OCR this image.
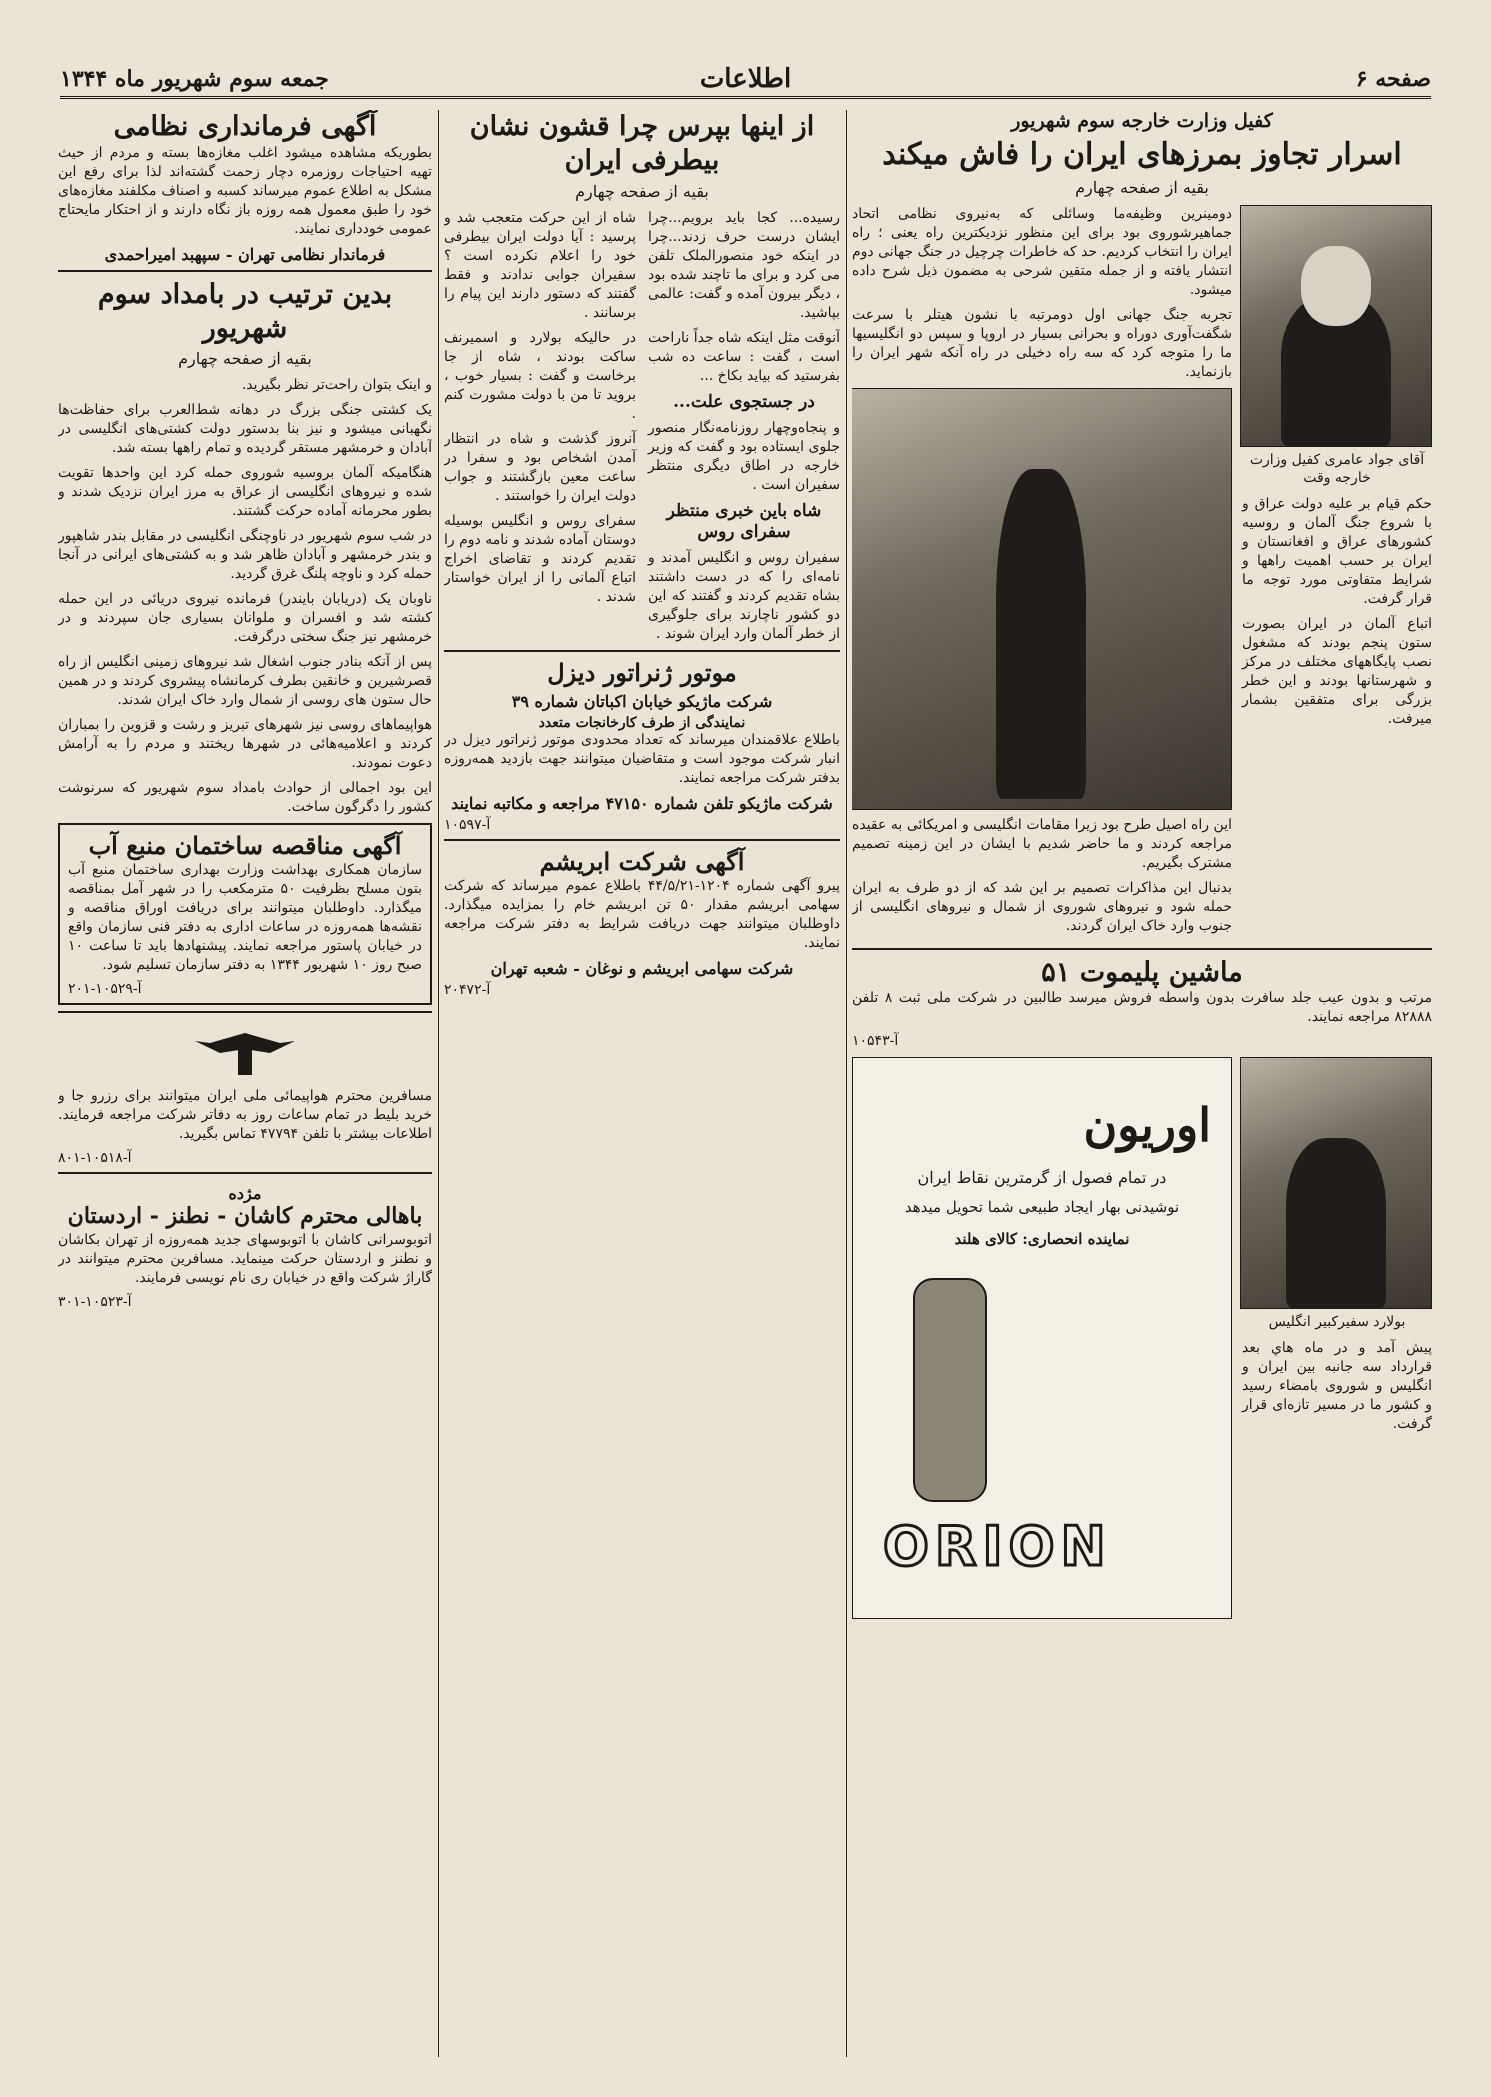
صفحه ۶
اطلاعات
جمعه سوم شهریور ماه ۱۳۴۴
کفیل وزارت خارجه سوم شهریور
اسرار تجاوز بمرزهای ایران را فاش میکند
بقیه از صفحه چهارم
آقای جواد عامری کفیل وزارت خارجه وقت

حکم قیام بر علیه دولت عراق و با شروع جنگ آلمان و روسیه کشورهای عراق و افغانستان و ایران بر حسب اهمیت راهها و شرایط متفاوتی مورد توجه ما قرار گرفت.

اتباع آلمان در ایران بصورت ستون پنجم بودند که مشغول نصب پایگاههای مختلف در مرکز و شهرستانها بودند و این خطر بزرگی برای متفقین بشمار میرفت.

دومینرین وظیفه‌ما وسائلی که به‌نیروی نظامی اتحاد جماهیرشوروی بود برای این منظور نزدیکترین راه یعنی ؛ راه ایران را انتخاب کردیم. حد که خاطرات چرچیل‌ در جنگ جهانی دوم انتشار یافته و از جمله متقین شرحی به مضمون ذیل شرح داده میشود.

تجربه جنگ جهانی اول دومرتبه با نشون هیتلر با سرعت شگفت‌آوری دوراه و بحرانی بسیار در اروپا و سپس دو انگلیسیها ما را متوجه کرد که سه راه دخیلی در راه آنکه شهر ایران را بازنماید.

این راه اصیل طرح بود زیرا مقامات انگلیسی و امریکائی به عقیده مراجعه کردند و ما حاضر شدیم با ایشان در این زمینه تصمیم مشترک بگیریم.

بدنبال این مذاکرات تصمیم بر این شد که از دو طرف به ایران حمله شود و نیروهای شوروی از شمال و نیروهای انگلیسی از جنوب وارد خاک ایران گردند.

ماشین پلیموت ۵۱

مرتب و بدون عیب جلد سافرت بدون واسطه فروش میرسد طالبین در شرکت ملی ثبت ۸ تلفن ۸۲۸۸۸ مراجعه نمایند.

آ-۱۰۵۴۳
بولارد سفیرکبیر انگلیس

پیش آمد و در ماه هاي بعد قرارداد سه جانبه بین ایران و انگلیس و شوروی بامضاء رسید و کشور ما در مسیر تازه‌ای قرار گرفت.

اوریون
در تمام فصول از گرمترین نقاط ایران
نوشیدنی بهار ایجاد طبیعی شما تحویل میدهد
نماینده انحصاری: کالای هلند
ORION
از اینها بپرس چرا قشون نشان بیطرفی ایران
بقیه از صفحه چهارم

رسیده... کجا باید برویم...چرا ایشان درست حرف زدند...چرا در اینکه خود منصورالملک تلفن می کرد و برای ما تاچند شده بود ، دیگر بیرون آمده و گفت: عالمی بپاشید.

آنوقت مثل اینکه شاه جداً ناراحت است ، گفت : ساعت ده شب بفرستید که بیاید بکاخ ...

در جستجوی علت...

و پنجاه‌وچهار روزنامه‌نگار منصور جلوی ایستاده بود و گفت که وزیر خارجه در اطاق دیگری منتظر سفیران است .

شاه باین خبری منتظر سفرای روس

سفیران روس و انگلیس آمدند و نامه‌ای را که در دست داشتند بشاه تقدیم کردند و گفتند که این دو کشور ناچارند برای جلوگیری از خطر آلمان وارد ایران شوند .

شاه از این حرکت متعجب شد و پرسید : آیا دولت ایران بیطرفی خود را اعلام نکرده است ؟ سفیران جوابی ندادند و فقط گفتند که دستور دارند این پیام را برسانند .

در حالیکه بولارد و اسمیرنف ساکت بودند ، شاه از جا برخاست و گفت : بسیار خوب ، بروید تا من با دولت مشورت کنم .

آنروز گذشت و شاه در انتظار آمدن اشخاص بود و سفرا در ساعت معین بازگشتند و جواب دولت ایران را خواستند .

سفرای روس و انگلیس بوسیله دوستان آماده شدند و نامه دوم را تقدیم کردند و تقاضای اخراج اتباع آلمانی را از ایران خواستار شدند .

موتور ژنراتور دیزل
شرکت ماژیکو خیابان اکباتان شماره ۳۹
نمایندگی از طرف کارخانجات متعدد

باطلاع علاقمندان میرساند که تعداد محدودی موتور ژنراتور دیزل در انبار شرکت موجود است و متقاضیان میتوانند جهت بازدید همه‌روزه بدفتر شرکت مراجعه نمایند.

شرکت ماژیکو تلفن شماره ۴۷۱۵۰ مراجعه و مکاتبه نمایند
آ-۱۰۵۹۷
آگهی شرکت ابریشم

پیرو آگهی شماره ۱۲۰۴-۴۴/۵/۲۱ باطلاع عموم میرساند که شرکت سهامی ابریشم مقدار ۵۰ تن ابریشم خام را بمزایده میگذارد. داوطلبان میتوانند جهت دریافت شرایط به دفتر شرکت مراجعه نمایند.

شرکت سهامی ابریشم و نوغان - شعبه تهران
آ-۲۰۴۷۲
آگهی فرمانداری نظامی

بطوریکه مشاهده میشود اغلب مغازه‌ها بسته و مردم از حیث تهیه احتیاجات روزمره دچار زحمت گشته‌اند لذا برای رفع این مشکل به اطلاع عموم میرساند کسبه و اصناف مکلفند مغازه‌های خود را طبق معمول همه روزه باز نگاه دارند و از احتکار مایحتاج عمومی خودداری نمایند.

فرماندار نظامی تهران - سپهبد امیراحمدی
بدین ترتیب در بامداد سوم شهریور
بقیه از صفحه چهارم

و اینک بتوان راحت‌تر نظر بگیرید.

یک کشتی جنگی بزرگ در دهانه شط‌العرب برای حفاظت‌ها نگهبانی میشود و نیز بنا بدستور دولت کشتی‌های انگلیسی در آبادان و خرمشهر مستقر گردیده و تمام راهها بسته شد.

هنگامیکه آلمان بروسیه شوروی حمله کرد این واحدها تقویت شده و نیروهای انگلیسی از عراق به مرز ایران نزدیک شدند و بطور محرمانه آماده حرکت گشتند.

در شب سوم شهریور در ناوچنگی انگلیسی در مقابل بندر شاهپور و بندر خرمشهر و آبادان ظاهر شد و به کشتی‌های ایرانی در آنجا حمله کرد و ناوچه پلنگ غرق گردید.

ناوبان یک (دریابان بایندر) فرمانده نیروی دریائی در این حمله کشته شد و افسران و ملوانان بسیاری جان سپردند و در خرمشهر نیز جنگ سختی درگرفت.

پس از آنکه بنادر جنوب اشغال شد نیروهای زمینی انگلیس از راه قصرشیرین و خانقین بطرف کرمانشاه پیشروی کردند و در همین حال ستون های روسی از شمال وارد خاک ایران شدند.

هواپیماهای روسی نیز شهرهای تبریز و رشت و قزوین را بمباران کردند و اعلامیه‌هائی در شهرها ریختند و مردم را به آرامش دعوت نمودند.

این بود اجمالی از حوادث بامداد سوم شهریور که سرنوشت کشور را دگرگون ساخت.

آگهی مناقصه ساختمان منبع آب

سازمان همکاری بهداشت وزارت بهداری ساختمان منبع آب بتون مسلح بظرفیت ۵۰ مترمکعب را در شهر آمل بمناقصه میگذارد. داوطلبان میتوانند برای دریافت اوراق مناقصه و نقشه‌ها همه‌روزه در ساعات اداری به دفتر فنی سازمان واقع در خیابان پاستور مراجعه نمایند. پیشنهادها باید تا ساعت ۱۰ صبح روز ۱۰ شهریور ۱۳۴۴ به دفتر سازمان تسلیم شود.

آ-۱۰۵۲۹-۲۰۱

مسافرین محترم هواپیمائی ملی ایران میتوانند برای رزرو جا و خرید بلیط در تمام ساعات روز به دفاتر شرکت مراجعه فرمایند. اطلاعات بیشتر با تلفن ۴۷۷۹۴ تماس بگیرید.

آ-۱۰۵۱۸-۸۰۱
مژده
باهالی محترم کاشان - نطنز - اردستان

اتوبوسرانی کاشان با اتوبوسهای جدید همه‌روزه از تهران بکاشان و نطنز و اردستان حرکت مینماید. مسافرین محترم میتوانند در گاراژ شرکت واقع در خیابان ری نام نویسی فرمایند.

آ-۱۰۵۲۳-۳۰۱
